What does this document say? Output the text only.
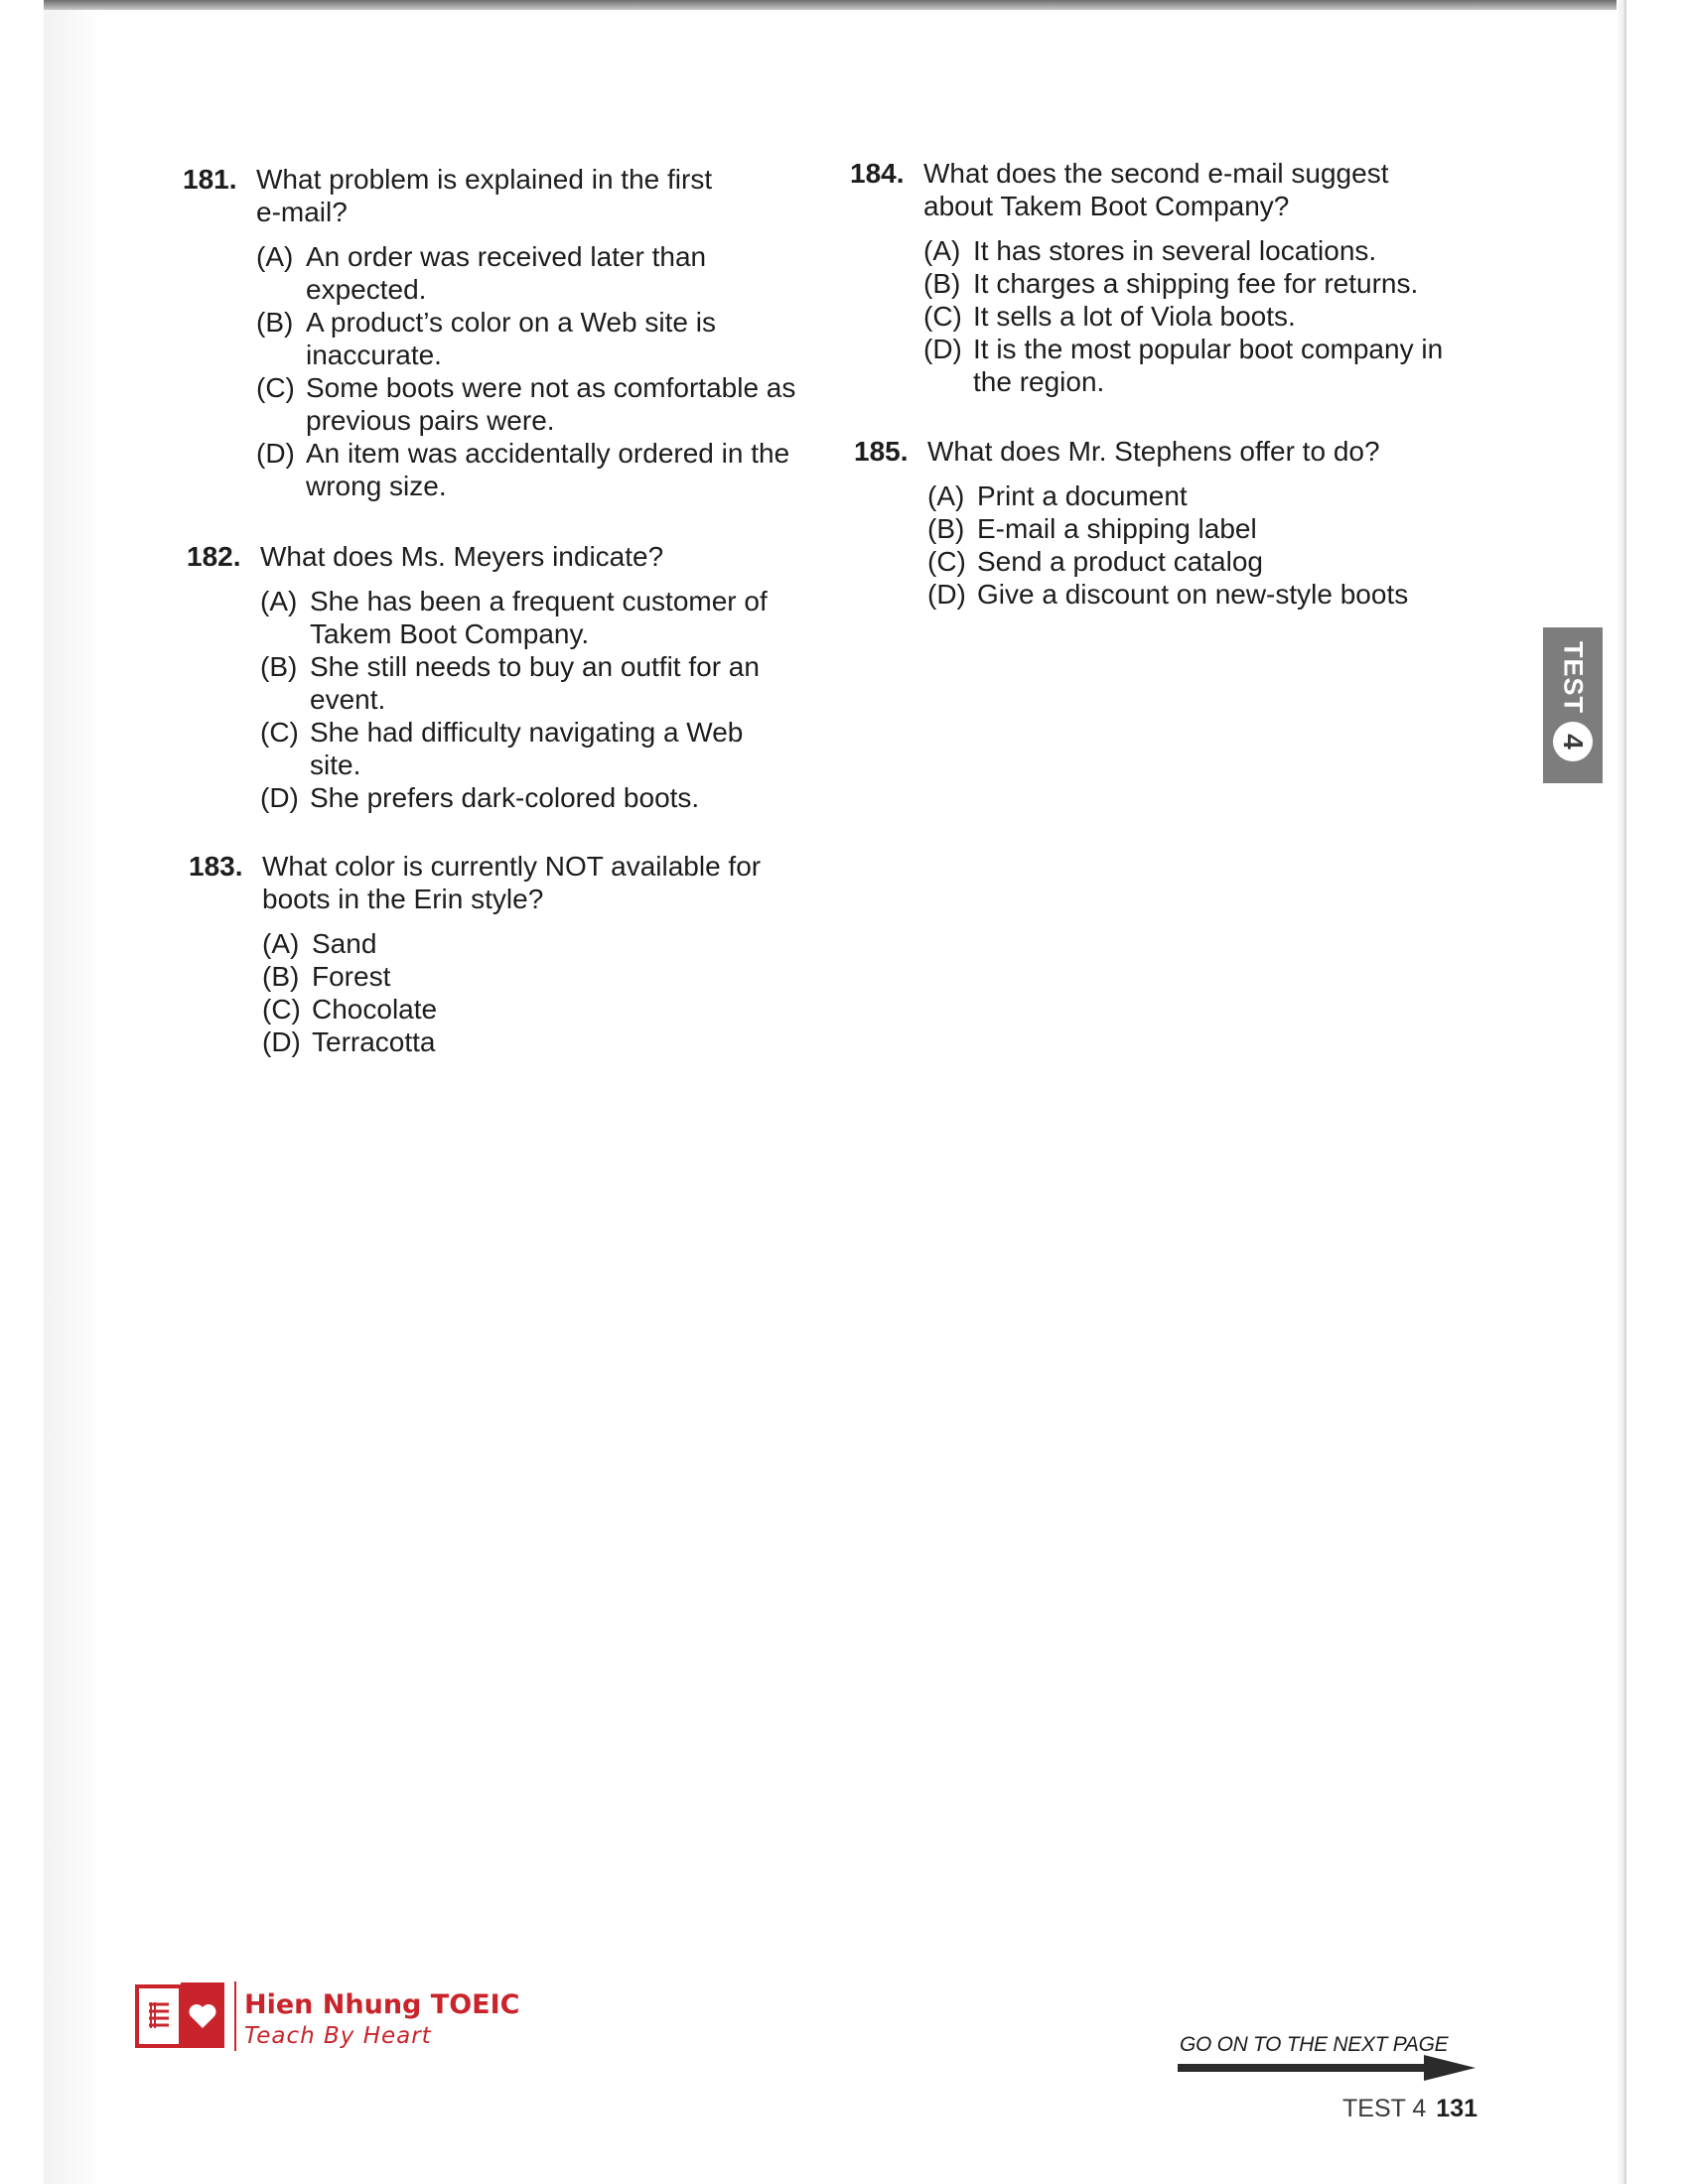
181. What problem is explained in the first e-mail?
(A) An order was received later than expected.
(B) A product’s color on a Web site is inaccurate.
(C) Some boots were not as comfortable as previous pairs were.
(D) An item was accidentally ordered in the wrong size.
182. What does Ms. Meyers indicate?
(A) She has been a frequent customer of Takem Boot Company.
(B) She still needs to buy an outfit for an event.
(C) She had difficulty navigating a Web site.
(D) She prefers dark-colored boots.
183. What color is currently NOT available for boots in the Erin style?
(A) Sand
(B) Forest
(C) Chocolate
(D) Terracotta
184. What does the second e-mail suggest about Takem Boot Company?
(A) It has stores in several locations.
(B) It charges a shipping fee for returns.
(C) It sells a lot of Viola boots.
(D) It is the most popular boot company in the region.
185. What does Mr. Stephens offer to do?
(A) Print a document
(B) E-mail a shipping label
(C) Send a product catalog
(D) Give a discount on new-style boots
TEST
4
Hien Nhung TOEIC
Teach By Heart	GO ON TO THE NEXT PAGE
TEST 4 131
